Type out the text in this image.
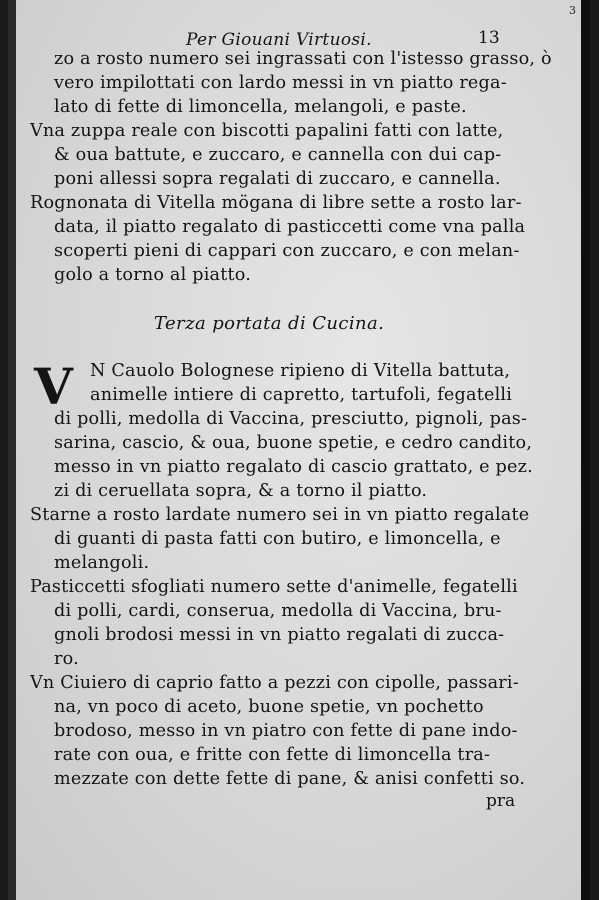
3
Per Giouani Virtuosi.	13
zo a rosto numero sei ingrassati con l'istesso grasso, ò
vero impilottati con lardo messi in vn piatto rega-
lato di fette di limoncella, melangoli, e paste.
Vna zuppa reale con biscotti papalini fatti con latte,
& oua battute, e zuccaro, e cannella con dui cap-
poni allessi sopra regalati di zuccaro, e cannella.
Rognonata di Vitella mögana di libre sette a rosto lar-
data, il piatto regalato di pasticcetti come vna palla
scoperti pieni di cappari con zuccaro, e con melan-
golo a torno al piatto.
Terza portata di Cucina.
V N Cauolo Bolognese ripieno di Vitella battuta,
animelle intiere di capretto, tartufoli, fegatelli
di polli, medolla di Vaccina, presciutto, pignoli, pas-
sarina, cascio, & oua, buone spetie, e cedro candito,
messo in vn piatto regalato di cascio grattato, e pez.
zi di ceruellata sopra, & a torno il piatto.
Starne a rosto lardate numero sei in vn piatto regalate
di guanti di pasta fatti con butiro, e limoncella, e
melangoli.
Pasticcetti sfogliati numero sette d'animelle, fegatelli
di polli, cardi, conserua, medolla di Vaccina, bru-
gnoli brodosi messi in vn piatto regalati di zucca-
ro.
Vn Ciuiero di caprio fatto a pezzi con cipolle, passari-
na, vn poco di aceto, buone spetie, vn pochetto
brodoso, messo in vn piatro con fette di pane indo-
rate con oua, e fritte con fette di limoncella tra-
mezzate con dette fette di pane, & anisi confetti so.
pra
